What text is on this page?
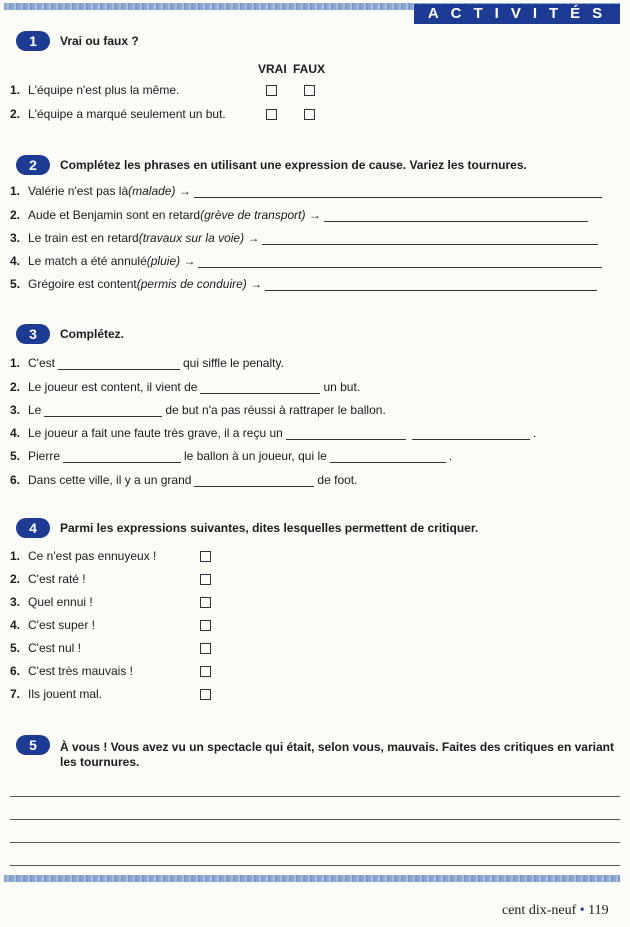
ACTIVITÉS
1	Vrai ou faux ?
VRAI FAUX
1. L'équipe n'est plus la même.
2. L'équipe a marqué seulement un but.
2	Complétez les phrases en utilisant une expression de cause. Variez les tournures.
1. Valérie n'est pas là (malade)
→
2. Aude et Benjamin sont en retard (grève de transport)
→
3. Le train est en retard (travaux sur la voie)
→
4. Le match a été annulé (pluie)
→
5. Grégoire est content (permis de conduire)
→
3	Complétez.
1. C'est	qui siffle le penalty.
2. Le joueur est content, il vient de	un but.
3. Le	de but n'a pas réussi à rattraper le ballon.
4. Le joueur a fait une faute très grave, il a reçu un	.
5. Pierre	le ballon à un joueur, qui le	.
6. Dans cette ville, il y a un grand	de foot.
4	Parmi les expressions suivantes, dites lesquelles permettent de critiquer.
1. Ce n'est pas ennuyeux !
2. C'est raté !
3. Quel ennui !
4. C'est super !
5. C'est nul !
6. C'est très mauvais !
7. Ils jouent mal.
5	À vous ! Vous avez vu un spectacle qui était, selon vous, mauvais. Faites des critiques en variant
les tournures.
cent dix-neuf • 119
